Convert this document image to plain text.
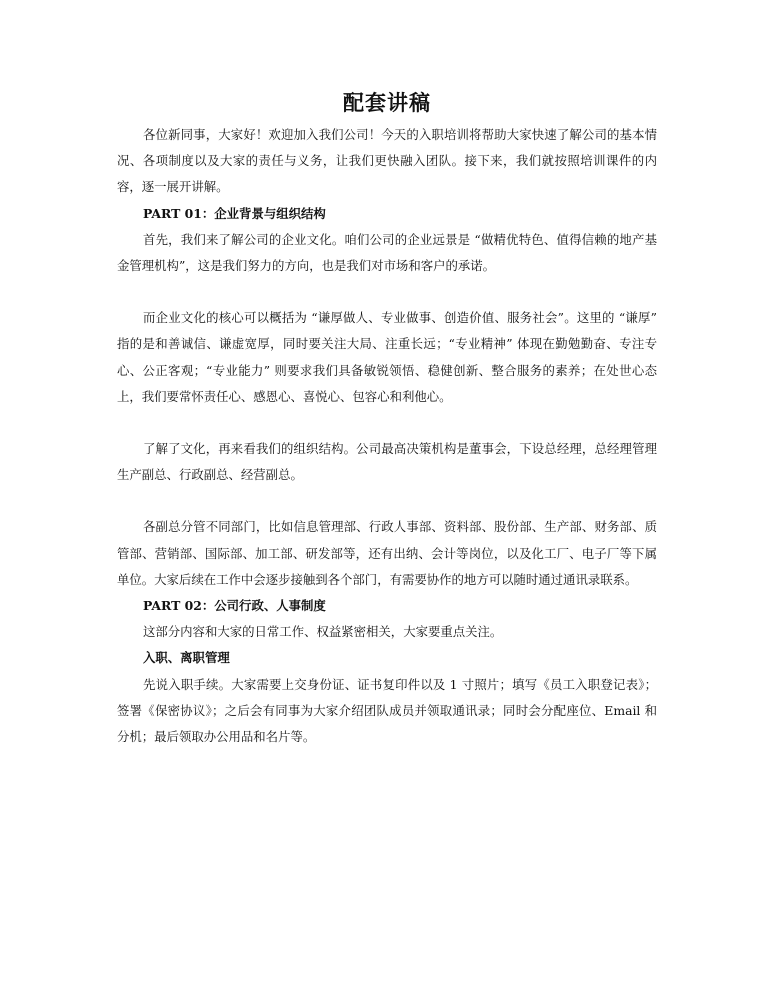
配套讲稿

各位新同事，大家好！欢迎加入我们公司！今天的入职培训将帮助大家快速了解公司的基本情况、各项制度以及大家的责任与义务，让我们更快融入团队。接下来，我们就按照培训课件的内容，逐一展开讲解。

PART 01：企业背景与组织结构

首先，我们来了解公司的企业文化。咱们公司的企业远景是 “做精优特色、值得信赖的地产基金管理机构”，这是我们努力的方向，也是我们对市场和客户的承诺。

而企业文化的核心可以概括为 “谦厚做人、专业做事、创造价值、服务社会”。这里的 “谦厚” 指的是和善诚信、谦虚宽厚，同时要关注大局、注重长远；“专业精神” 体现在勤勉勤奋、专注专心、公正客观；“专业能力” 则要求我们具备敏锐领悟、稳健创新、整合服务的素养；在处世心态上，我们要常怀责任心、感恩心、喜悦心、包容心和利他心。

了解了文化，再来看我们的组织结构。公司最高决策机构是董事会，下设总经理，总经理管理生产副总、行政副总、经营副总。

各副总分管不同部门，比如信息管理部、行政人事部、资料部、股份部、生产部、财务部、质管部、营销部、国际部、加工部、研发部等，还有出纳、会计等岗位，以及化工厂、电子厂等下属单位。大家后续在工作中会逐步接触到各个部门，有需要协作的地方可以随时通过通讯录联系。

PART 02：公司行政、人事制度

这部分内容和大家的日常工作、权益紧密相关，大家要重点关注。

入职、离职管理

先说入职手续。大家需要上交身份证、证书复印件以及 1 寸照片；填写《员工入职登记表》；签署《保密协议》；之后会有同事为大家介绍团队成员并领取通讯录；同时会分配座位、Email 和分机；最后领取办公用品和名片等。
